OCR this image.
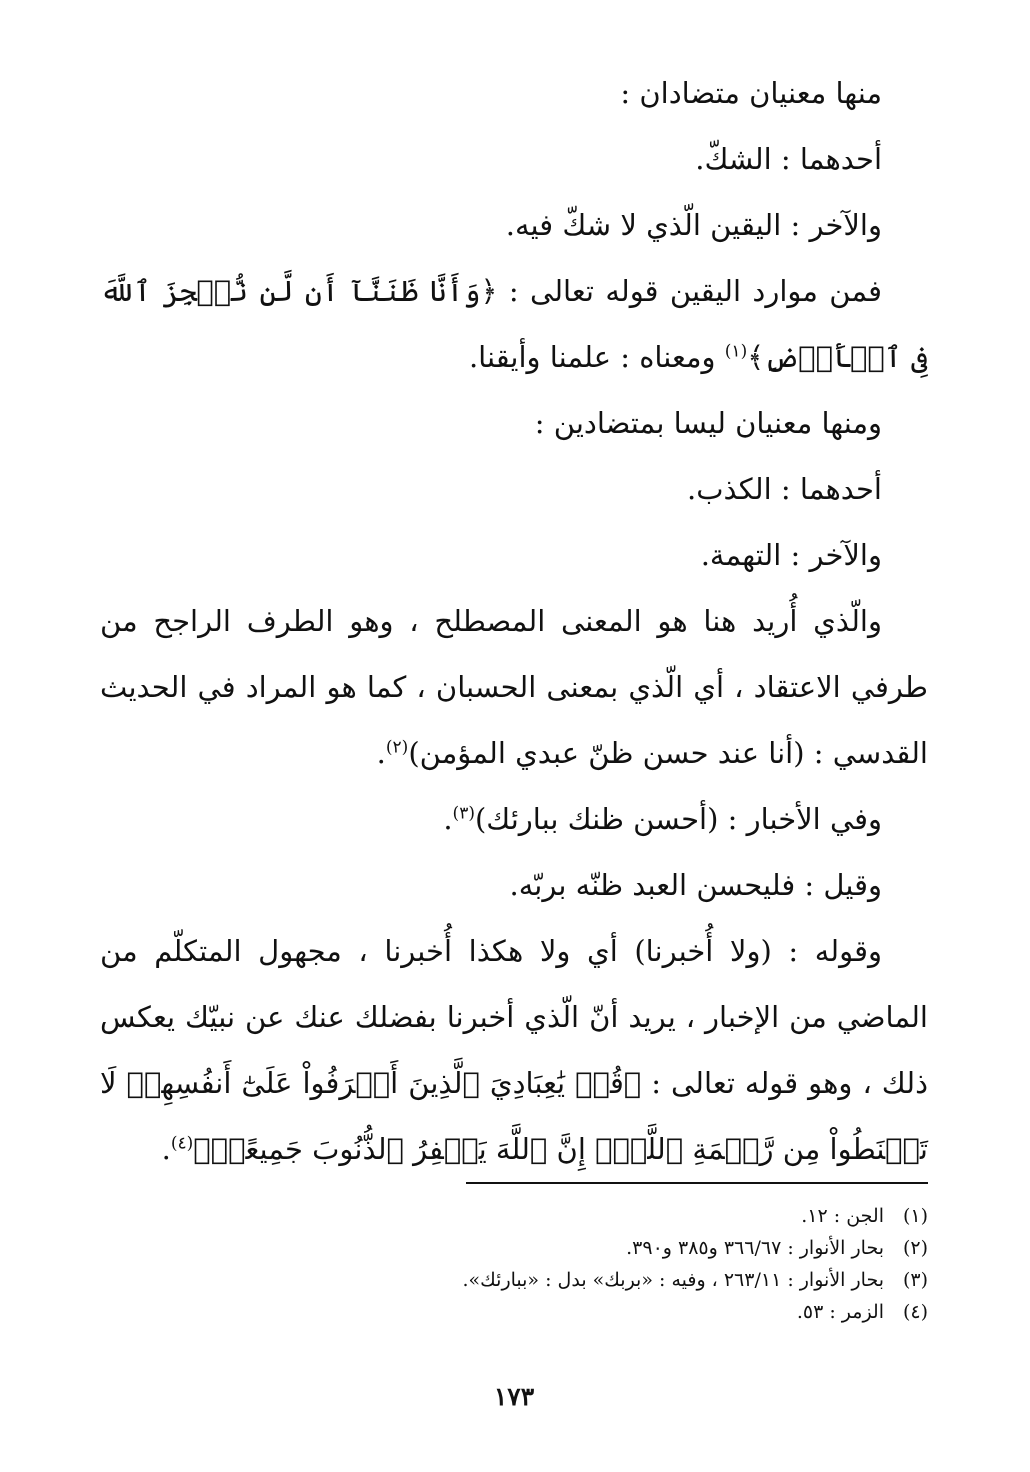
منها معنيان متضادان :

أحدهما : الشكّ.

والآخر : اليقين الّذي لا شكّ فيه.

فمن موارد اليقين قوله تعالى : ﴿وَأَنَّا ظَنَنَّآ أَن لَّن نُّعۡجِزَ ٱللَّهَ فِى ٱلۡأَرۡضِ﴾$^{(١)}$ ومعناه : علمنا وأيقنا.

ومنها معنيان ليسا بمتضادين :

أحدهما : الكذب.

والآخر : التهمة.

والّذي أُريد هنا هو المعنى المصطلح ، وهو الطرف الراجح من طرفي الاعتقاد ، أي الّذي بمعنى الحسبان ، كما هو المراد في الحديث القدسي : (أنا عند حسن ظنّ عبدي المؤمن)$^{(٢)}$.

وفي الأخبار : (أحسن ظنك ببارئك)$^{(٣)}$.

وقيل : فليحسن العبد ظنّه بربّه.

وقوله : (ولا أُخبرنا) أي ولا هكذا أُخبرنا ، مجهول المتكلّم من الماضي من الإخبار ، يريد أنّ الّذي أخبرنا بفضلك عنك عن نبيّك يعكس ذلك ، وهو قوله تعالى : ﴿قُلۡ يَٰعِبَادِيَ ٱلَّذِينَ أَسۡرَفُواْ عَلَىٰٓ أَنفُسِهِمۡ لَا تَقۡنَطُواْ مِن رَّحۡمَةِ ٱللَّهِۚ إِنَّ ٱللَّهَ يَغۡفِرُ ٱلذُّنُوبَ جَمِيعًاۚ﴾$^{(٤)}$.

(١)الجن : ١٢.

(٢)بحار الأنوار : ٣٦٦/٦٧ و٣٨٥ و٣٩٠.

(٣)بحار الأنوار : ٢٦٣/١١ ، وفيه : «بربك» بدل : «ببارئك».

(٤)الزمر : ٥٣.

١٧٣
